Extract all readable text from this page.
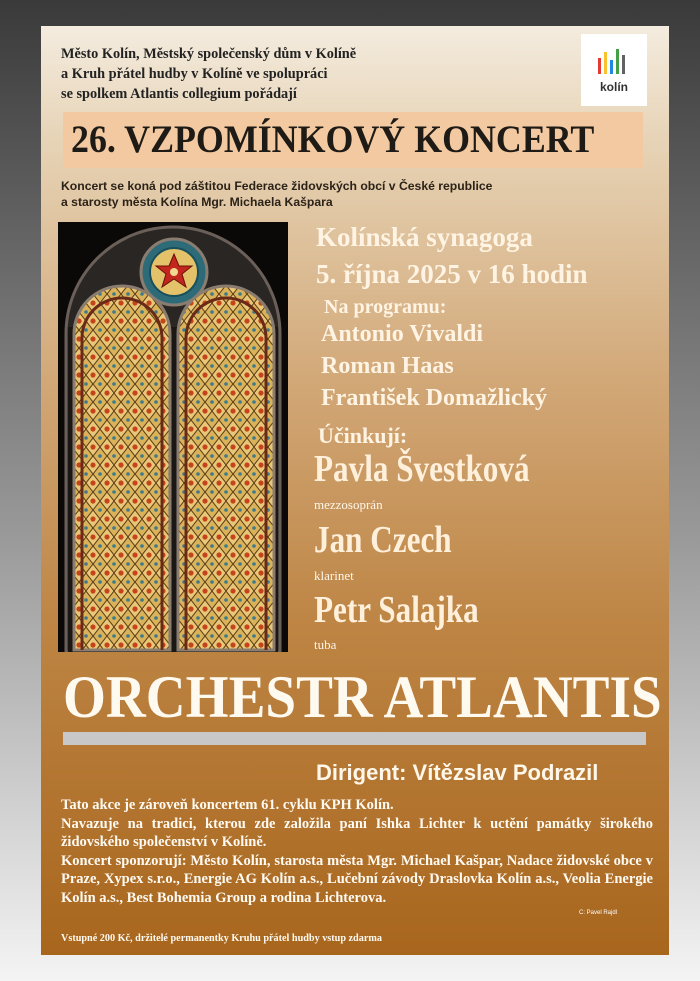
Město Kolín, Městský společenský dům v Kolíně
a Kruh přátel hudby v Kolíně ve spolupráci
se spolkem Atlantis collegium pořádají	kolín
26. VZPOMÍNKOVÝ KONCERT
Koncert se koná pod záštitou Federace židovských obcí v České republice
a starosty města Kolína Mgr. Michaela Kašpara
Kolínská synagoga
5. října 2025 v 16 hodin
Na programu:
Antonio Vivaldi
Roman Haas
František Domažlický
Účinkují:
Pavla Švestková
mezzosoprán
Jan Czech
klarinet
Petr Salajka
tuba
ORCHESTR ATLANTIS
Dirigent: Vítězslav Podrazil

Tato akce je zároveň koncertem 61. cyklu KPH Kolín.

Navazuje na tradici, kterou zde založila paní Ishka Lichter k uctění památky širokého židovského společenství v Kolíně.

Koncert sponzorují: Město Kolín, starosta města Mgr. Michael Kašpar, Nadace židovské obce v Praze, Xypex s.r.o., Energie AG Kolín a.s., Lučební závody Draslovka Kolín a.s., Veolia Energie Kolín a.s., Best Bohemia Group a rodina Lichterova.

C: Pavel Rajdl
Vstupné 200 Kč, držitelé permanentky Kruhu přátel hudby vstup zdarma
